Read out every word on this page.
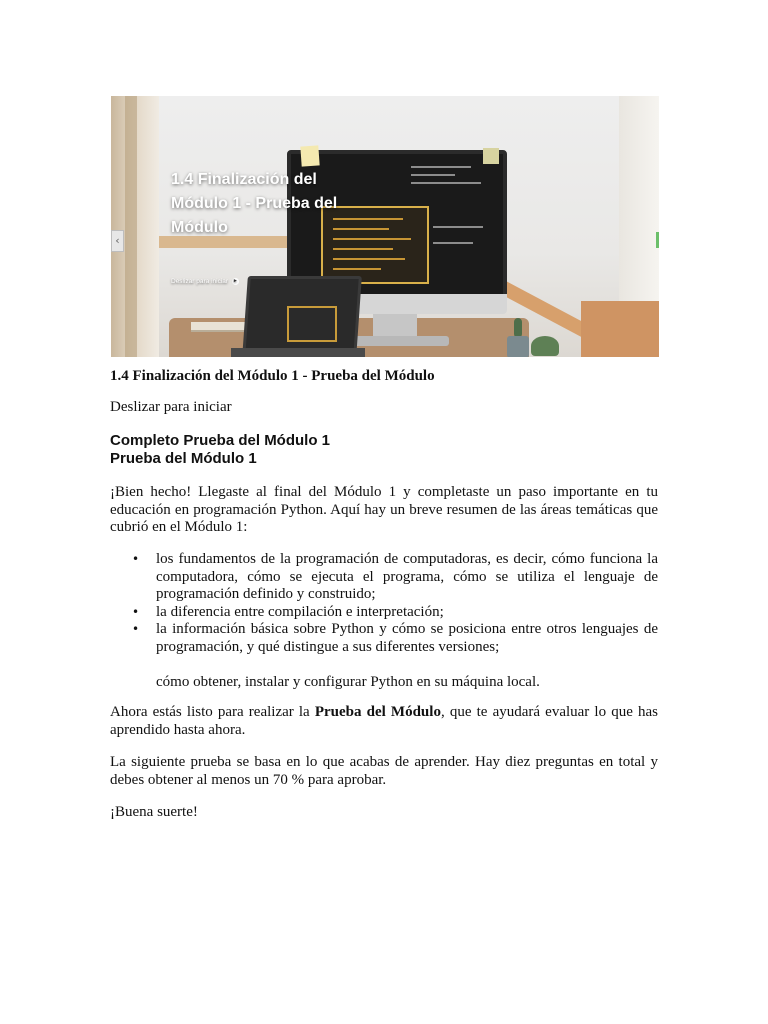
1.4 Finalización del
Módulo 1 - Prueba del
Módulo
Deslizar para iniciar ►
‹
1.4 Finalización del Módulo 1 - Prueba del Módulo
Deslizar para iniciar
Completo Prueba del Módulo 1
Prueba del Módulo 1
¡Bien hecho! Llegaste al final del Módulo 1 y completaste un paso importante en tu educación en programación Python. Aquí hay un breve resumen de las áreas temáticas que cubrió en el Módulo 1:
• los fundamentos de la programación de computadoras, es decir, cómo funciona la computadora, cómo se ejecuta el programa, cómo se utiliza el lenguaje de programación definido y construido;
• la diferencia entre compilación e interpretación;
• la información básica sobre Python y cómo se posiciona entre otros lenguajes de programación, y qué distingue a sus diferentes versiones;
cómo obtener, instalar y configurar Python en su máquina local.
Ahora estás listo para realizar la Prueba del Módulo, que te ayudará evaluar lo que has aprendido hasta ahora.
La siguiente prueba se basa en lo que acabas de aprender. Hay diez preguntas en total y debes obtener al menos un 70 % para aprobar.
¡Buena suerte!
